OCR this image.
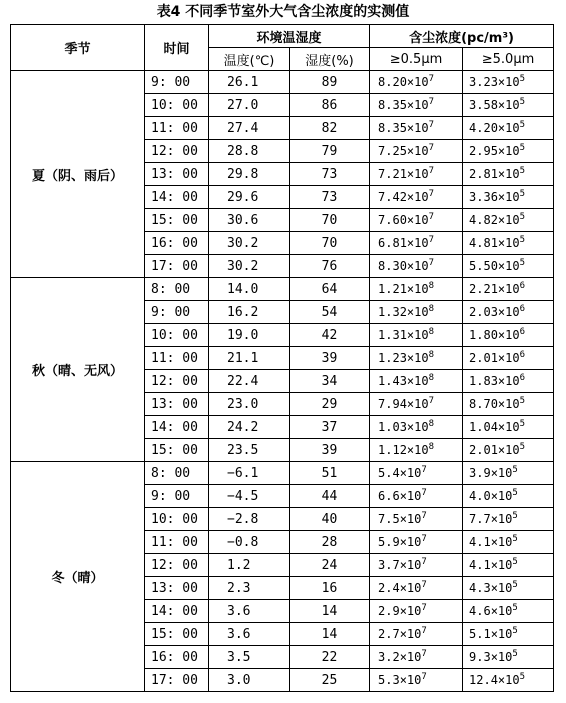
表4 不同季节室外大气含尘浓度的实测值
季节	时间	环境温湿度		含尘浓度(pc/m³)	
		温度(℃)	湿度(%)	≥0.5μm	≥5.0μm
夏（阴、雨后）	9: 00	26.1	89	$8.20\times 10^7$	$3.23\times 10^5$
	10: 00	27.0	86	$8.35\times 10^7$	$3.58\times 10^5$
	11: 00	27.4	82	$8.35\times 10^7$	$4.20\times 10^5$
	12: 00	28.8	79	$7.25\times 10^7$	$2.95\times 10^5$
	13: 00	29.8	73	$7.21\times 10^7$	$2.81\times 10^5$
	14: 00	29.6	73	$7.42\times 10^7$	$3.36\times 10^5$
	15: 00	30.6	70	$7.60\times 10^7$	$4.82\times 10^5$
	16: 00	30.2	70	$6.81\times 10^7$	$4.81\times 10^5$
	17: 00	30.2	76	$8.30\times 10^7$	$5.50\times 10^5$
秋（晴、无风）	8: 00	14.0	64	$1.21\times 10^8$	$2.21\times 10^6$
	9: 00	16.2	54	$1.32\times 10^8$	$2.03\times 10^6$
	10: 00	19.0	42	$1.31\times 10^8$	$1.80\times 10^6$
	11: 00	21.1	39	$1.23\times 10^8$	$2.01\times 10^6$
	12: 00	22.4	34	$1.43\times 10^8$	$1.83\times 10^6$
	13: 00	23.0	29	$7.94\times 10^7$	$8.70\times 10^5$
	14: 00	24.2	37	$1.03\times 10^8$	$1.04\times 10^5$
	15: 00	23.5	39	$1.12\times 10^8$	$2.01\times 10^5$
冬（晴）	8: 00	−6.1	51	$5.4\times 10^7$	$3.9\times 10^5$
	9: 00	−4.5	44	$6.6\times 10^7$	$4.0\times 10^5$
	10: 00	−2.8	40	$7.5\times 10^7$	$7.7\times 10^5$
	11: 00	−0.8	28	$5.9\times 10^7$	$4.1\times 10^5$
	12: 00	1.2	24	$3.7\times 10^7$	$4.1\times 10^5$
	13: 00	2.3	16	$2.4\times 10^7$	$4.3\times 10^5$
	14: 00	3.6	14	$2.9\times 10^7$	$4.6\times 10^5$
	15: 00	3.6	14	$2.7\times 10^7$	$5.1\times 10^5$
	16: 00	3.5	22	$3.2\times 10^7$	$9.3\times 10^5$
	17: 00	3.0	25	$5.3\times 10^7$	$12.4\times 10^5$
